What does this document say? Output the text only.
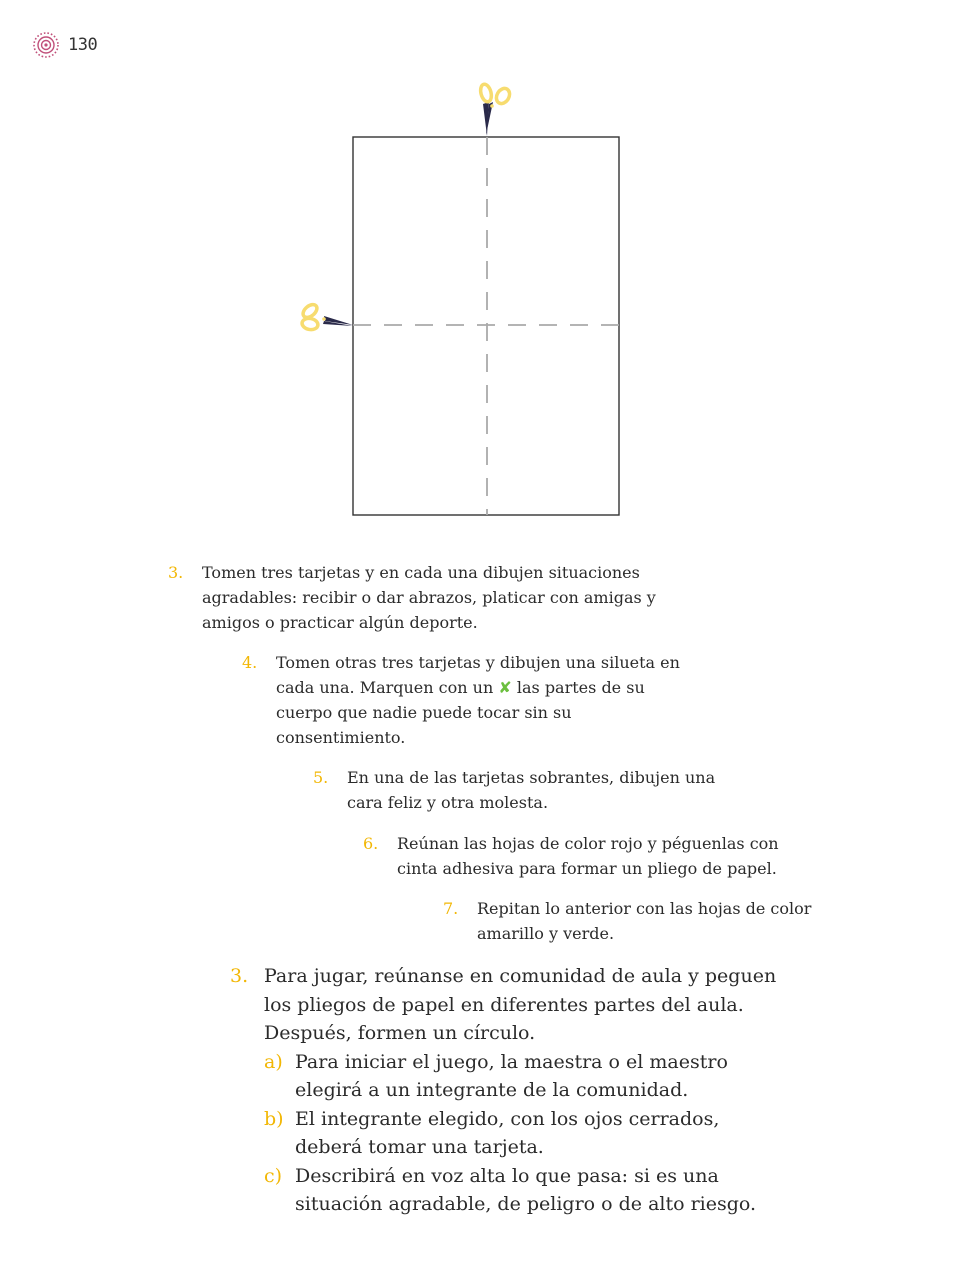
130
3. Tomen tres tarjetas y en cada una dibujen situaciones agradables: recibir o dar abrazos, platicar con amigas y amigos o practicar algún deporte.
4. Tomen otras tres tarjetas y dibujen una silueta en cada una. Marquen con un ✘ las partes de su cuerpo que nadie puede tocar sin su consentimiento.
5. En una de las tarjetas sobrantes, dibujen una cara feliz y otra molesta.
6. Reúnan las hojas de color rojo y péguenlas con cinta adhesiva para formar un pliego de papel.
7. Repitan lo anterior con las hojas de color amarillo y verde.
3. Para jugar, reúnanse en comunidad de aula y peguen los pliegos de papel en diferentes partes del aula. Después, formen un círculo.
a) Para iniciar el juego, la maestra o el maestro elegirá a un integrante de la comunidad.
b) El integrante elegido, con los ojos cerrados, deberá tomar una tarjeta.
c) Describirá en voz alta lo que pasa: si es una situación agradable, de peligro o de alto riesgo.
